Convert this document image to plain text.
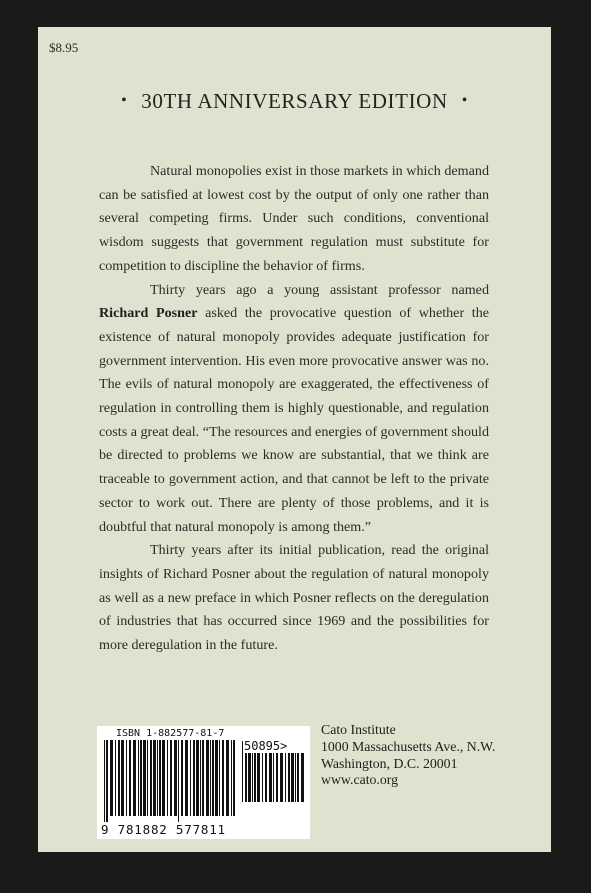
$8.95
• 30TH ANNIVERSARY EDITION •

Natural monopolies exist in those markets in which demand can be satisfied at lowest cost by the output of only one rather than several competing firms. Under such conditions, conventional wisdom suggests that government regulation must substitute for competition to discipline the behavior of firms.

Thirty years ago a young assistant professor named Richard Posner asked the provocative question of whether the existence of natural monopoly provides adequate justification for government intervention. His even more provocative answer was no. The evils of natural monopoly are exaggerated, the effectiveness of regulation in controlling them is highly questionable, and regulation costs a great deal. “The resources and energies of government should be directed to problems we know are substantial, that we think are traceable to government action, and that cannot be left to the private sector to work out. There are plenty of those problems, and it is doubtful that natural monopoly is among them.”

Thirty years after its initial publication, read the original insights of Richard Posner about the regulation of natural monopoly as well as a new preface in which Posner reflects on the deregulation of industries that has occurred since 1969 and the possibilities for more deregulation in the future.

ISBN 1-882577-81-7
50895>
9 781882 577811
Cato Institute
1000 Massachusetts Ave., N.W.
Washington, D.C. 20001
www.cato.org
